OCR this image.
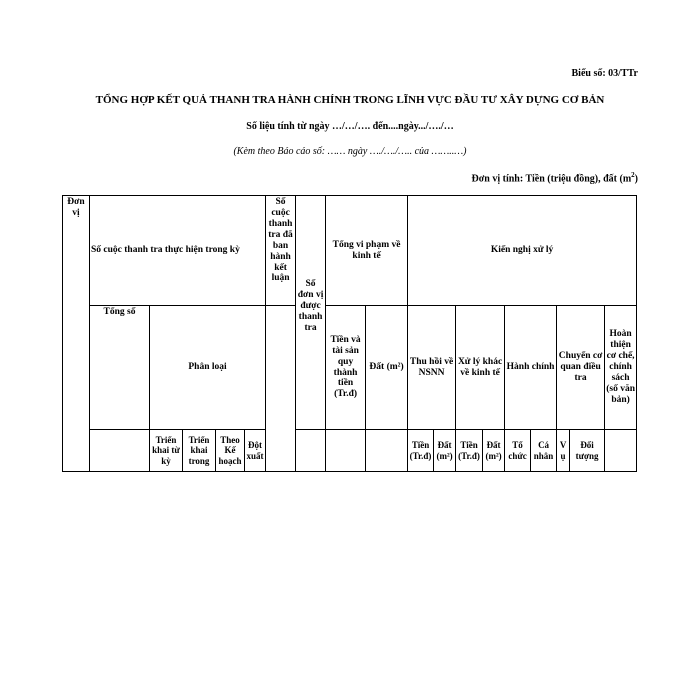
Biểu số: 03/TTr
TỔNG HỢP KẾT QUẢ THANH TRA HÀNH CHÍNH TRONG LĨNH VỰC ĐẦU TƯ XÂY DỰNG CƠ BẢN
Số liệu tính từ ngày …/…/…. đến....ngày.../…./…
(Kèm theo Báo cáo số: …… ngày …./…./….. của ……..…)
Đơn vị tính: Tiền (triệu đồng), đất $(m^2)$
Đơn vị	Số cuộc thanh tra thực hiện trong kỳ					Số cuộc thanh tra đã ban hành kết luận	Số đơn vị được thanh tra	Tổng vi phạm về kinh tế		Kiến nghị xử lý								
	Tổng số	Phân loại						Tiền và tài sản quy thành tiền (Tr.đ)	Đất (m²)	Thu hồi về NSNN		Xử lý khác về kinh tế		Hành chính		Chuyển cơ quan điều tra		Hoàn thiện cơ chế, chính sách (số văn bản)
		Triển khai từ kỳ	Triển khai trong	Theo Kế hoạch	Đột xuất					Tiền (Tr.đ)	Đất (m²)	Tiền (Tr.đ)	Đất (m²)	Tổ chức	Cá nhân	Vụ	Đối tượng	
